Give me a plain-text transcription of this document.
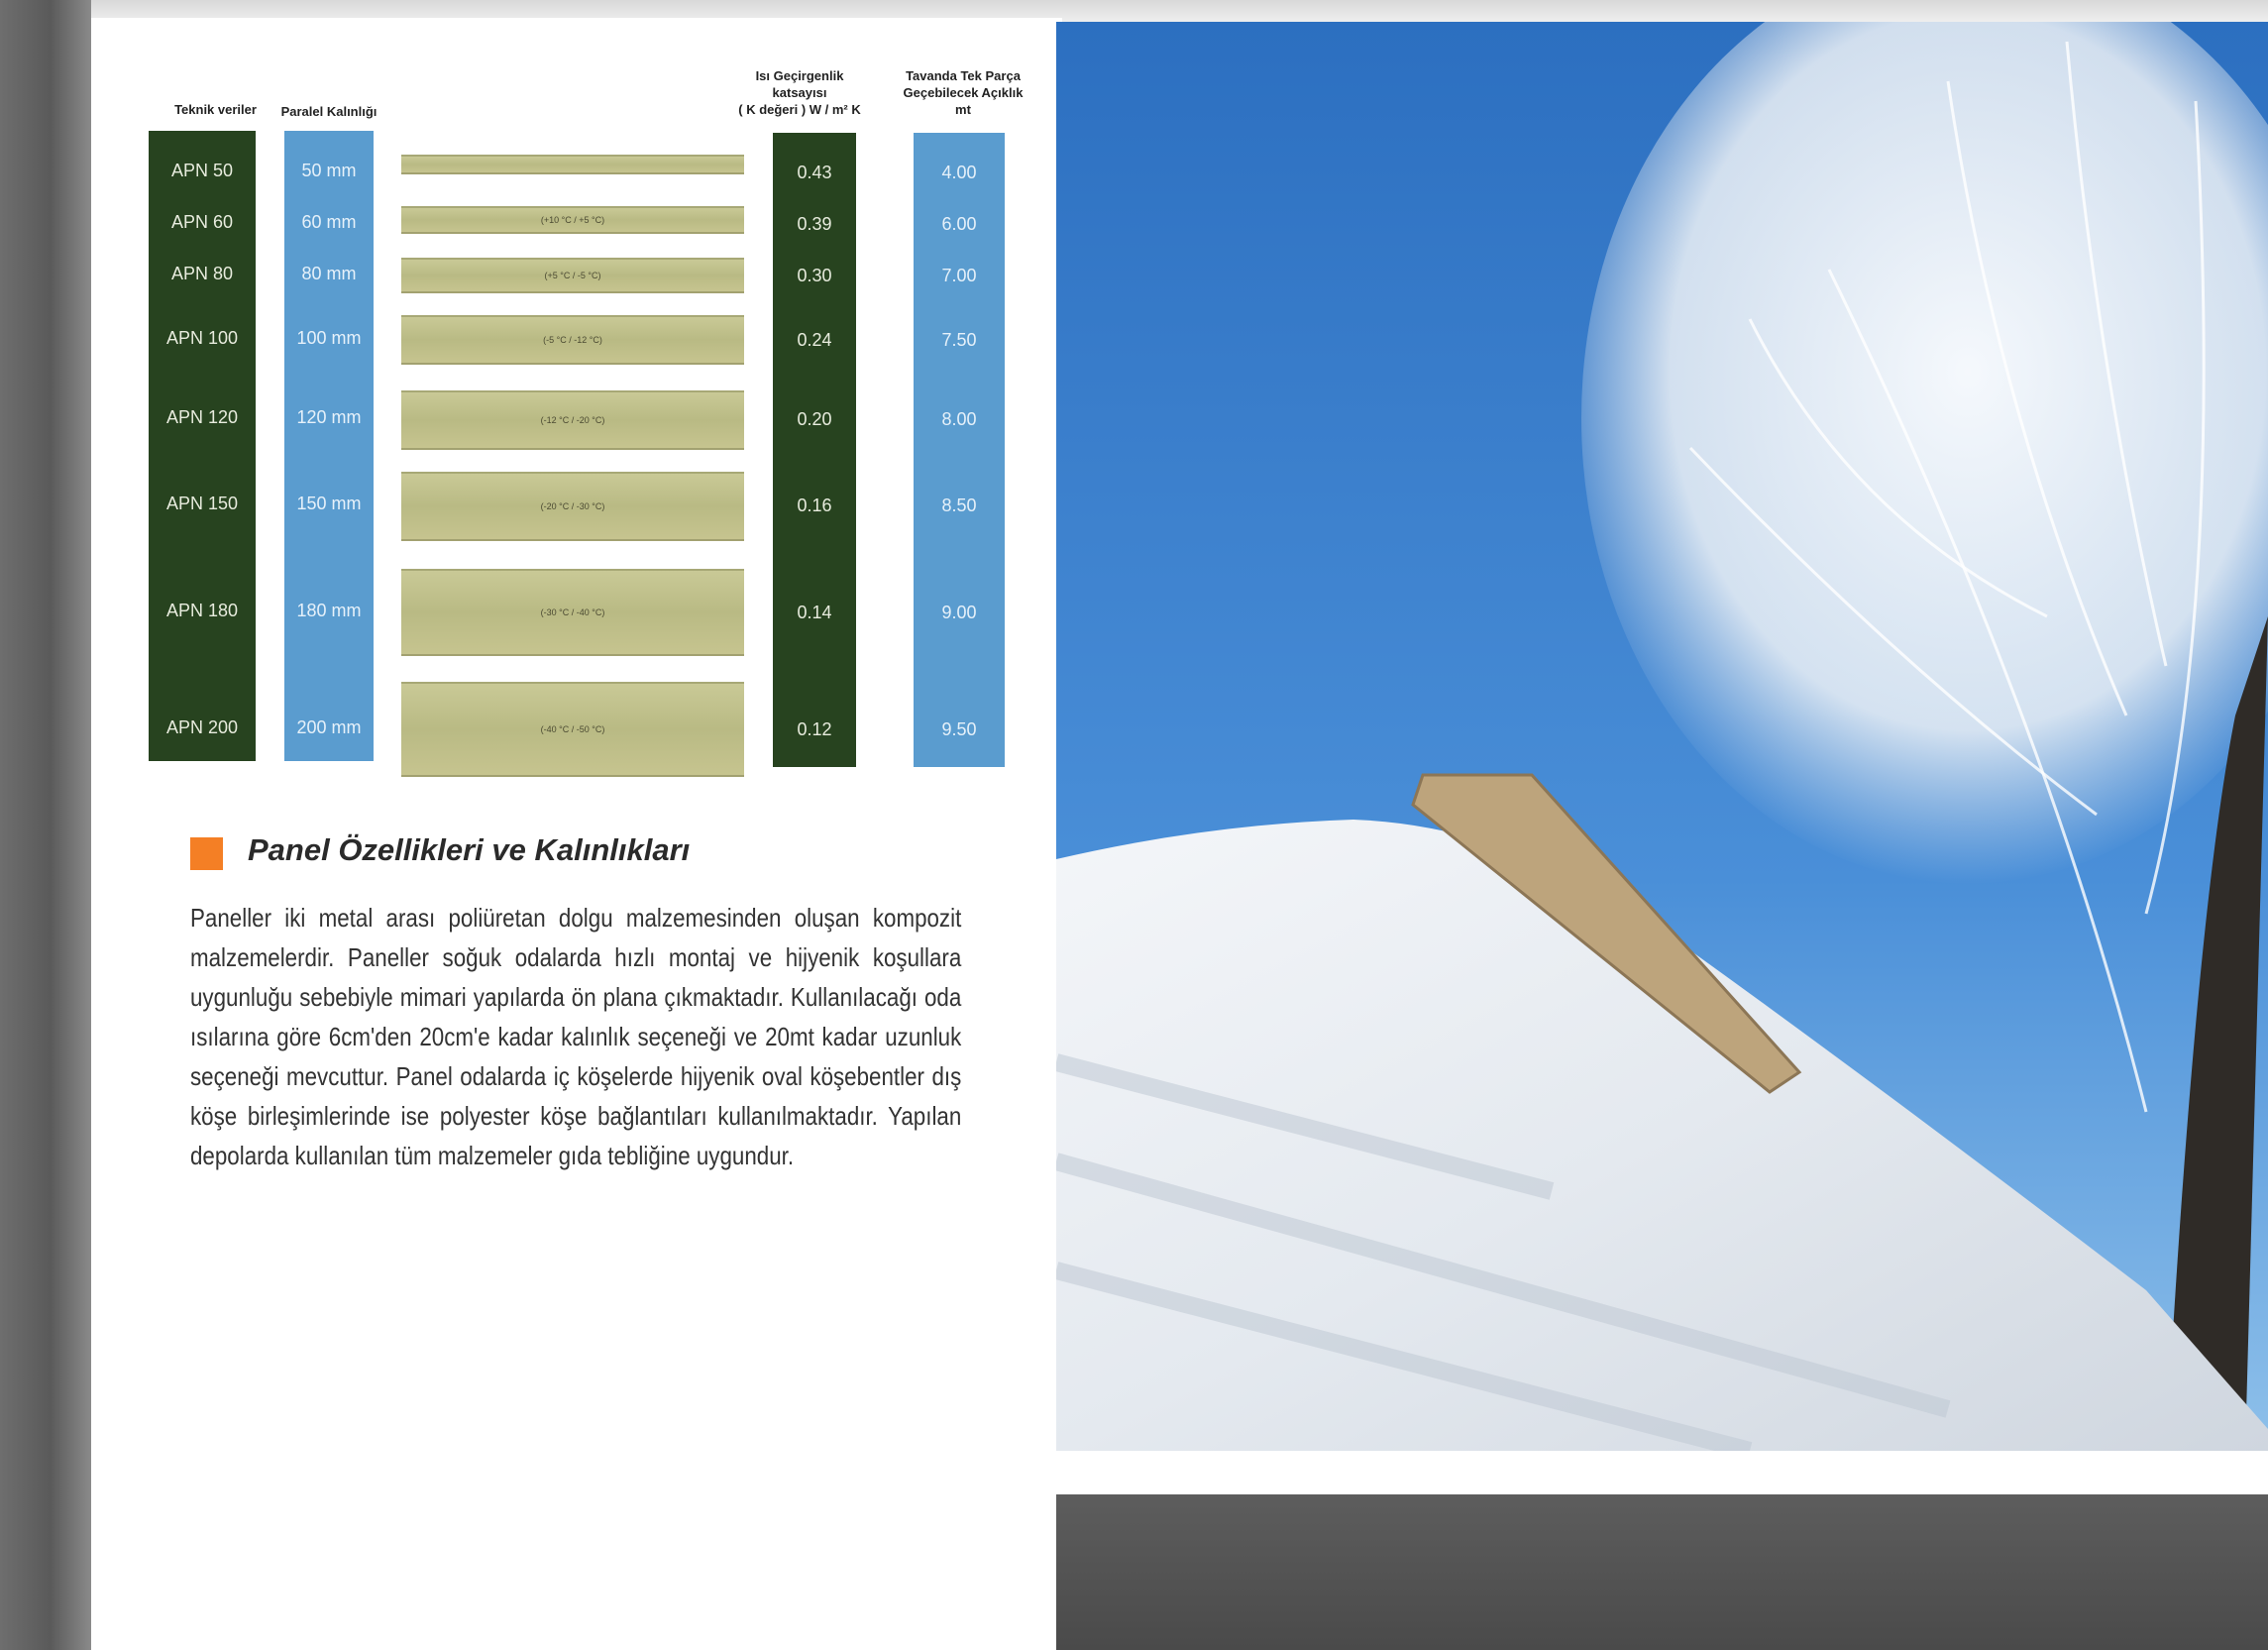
Teknik veriler	Paralel Kalınlığı
Isı Geçirgenlik
katsayısı
( K değeri ) W / m² K
Tavanda Tek Parça
Geçebilecek Açıklık
mt
APN 50
APN 60
APN 80
APN 100
APN 120
APN 150
APN 180
APN 200
50 mm
60 mm
80 mm
100 mm
120 mm
150 mm
180 mm
200 mm
(+10 °C / +5 °C)
(+5 °C / -5 °C)
(-5 °C / -12 °C)
(-12 °C / -20 °C)
(-20 °C / -30 °C)
(-30 °C / -40 °C)
(-40 °C / -50 °C)
0.43
0.39
0.30
0.24
0.20
0.16
0.14
0.12
4.00
6.00
7.00
7.50
8.00
8.50
9.00
9.50
Panel Özellikleri ve Kalınlıkları
Paneller iki metal arası poliüretan dolgu malzemesinden oluşan kompozit malzemelerdir. Paneller soğuk odalarda hızlı montaj ve hijyenik koşullara uygunluğu sebebiyle mimari yapılarda ön plana çıkmaktadır. Kullanılacağı oda ısılarına göre 6cm'den 20cm'e kadar kalınlık seçeneği ve 20mt kadar uzunluk seçeneği mevcuttur. Panel odalarda iç köşelerde hijyenik oval köşebentler dış köşe birleşimlerinde ise polyester köşe bağlantıları kullanılmaktadır. Yapılan depolarda kullanılan tüm malzemeler gıda tebliğine uygundur.
